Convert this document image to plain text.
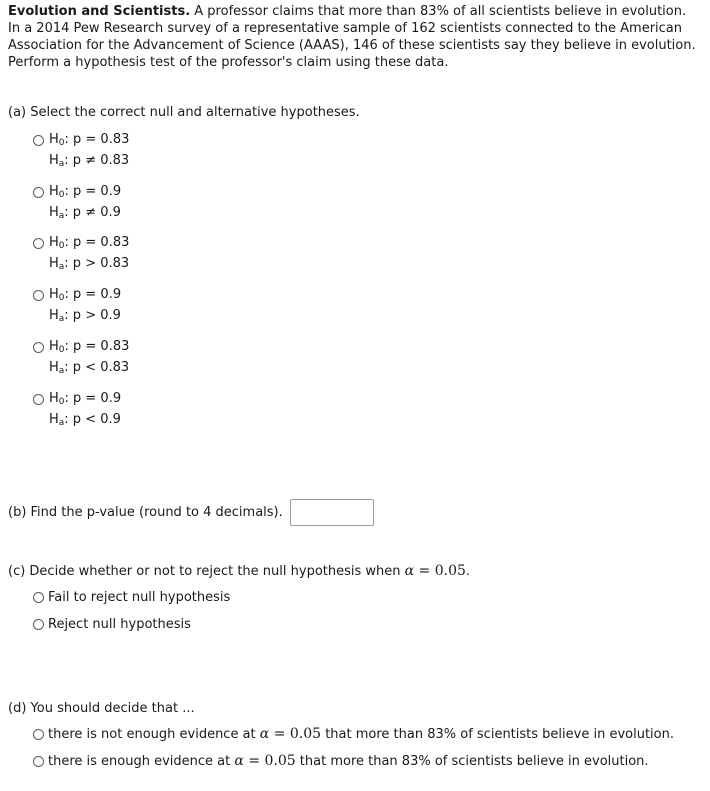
Evolution and Scientists. A professor claims that more than 83% of all scientists believe in evolution. In a 2014 Pew Research survey of a representative sample of 162 scientists connected to the American Association for the Advancement of Science (AAAS), 146 of these scientists say they believe in evolution. Perform a hypothesis test of the professor's claim using these data.
(a) Select the correct null and alternative hypotheses.
$H_0$: p = 0.83
$H_a$: p ≠ 0.83
$H_0$: p = 0.9
$H_a$: p ≠ 0.9
$H_0$: p = 0.83
$H_a$: p > 0.83
$H_0$: p = 0.9
$H_a$: p > 0.9
$H_0$: p = 0.83
$H_a$: p < 0.83
$H_0$: p = 0.9
$H_a$: p < 0.9
(b) Find the p-value (round to 4 decimals).
(c) Decide whether or not to reject the null hypothesis when α = 0.05.
Fail to reject null hypothesis
Reject null hypothesis
(d) You should decide that ...
there is not enough evidence at α = 0.05 that more than 83% of scientists believe in evolution.
there is enough evidence at α = 0.05 that more than 83% of scientists believe in evolution.
